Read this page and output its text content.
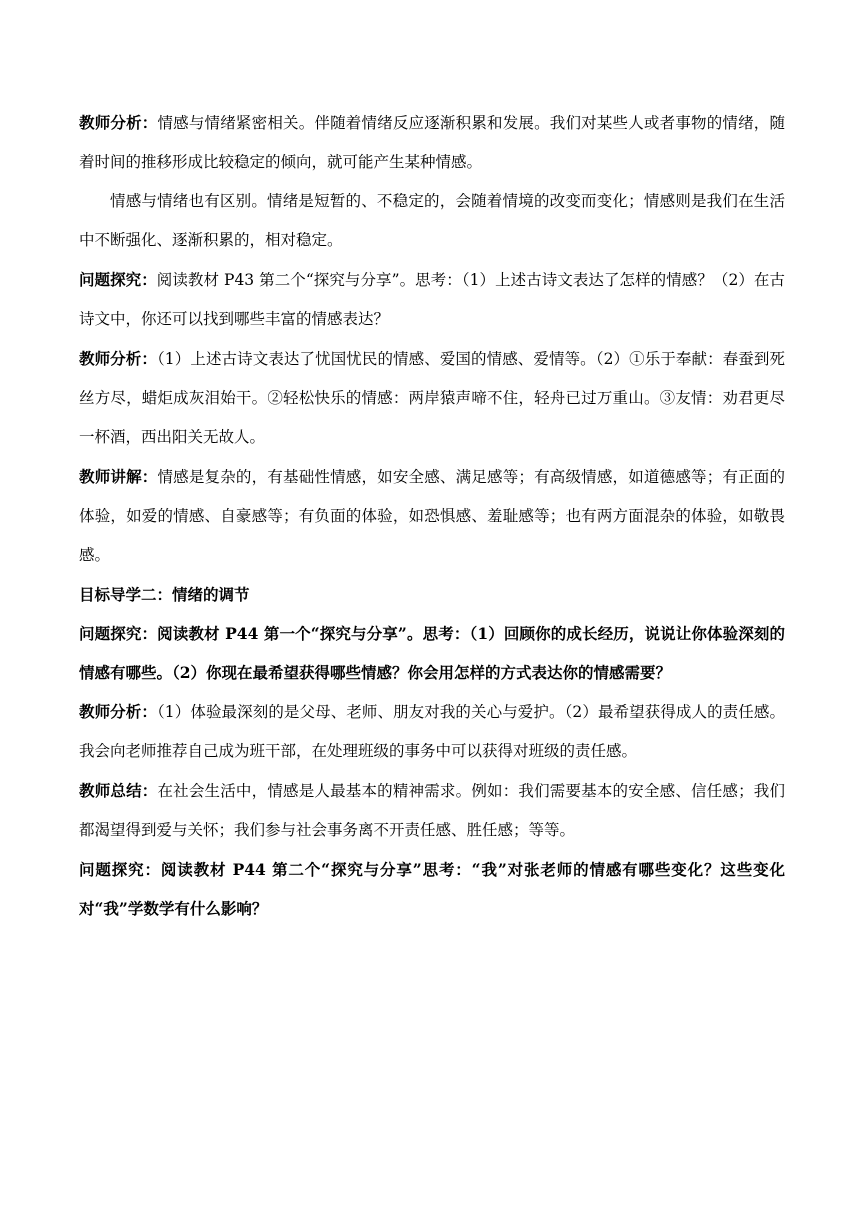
教师分析：情感与情绪紧密相关。伴随着情绪反应逐渐积累和发展。我们对某些人或者事物的情绪，随着时间的推移形成比较稳定的倾向，就可能产生某种情感。

情感与情绪也有区别。情绪是短暂的、不稳定的，会随着情境的改变而变化；情感则是我们在生活中不断强化、逐渐积累的，相对稳定。

问题探究：阅读教材 P43 第二个“探究与分享”。思考：（1）上述古诗文表达了怎样的情感？（2）在古诗文中，你还可以找到哪些丰富的情感表达？

教师分析：（1）上述古诗文表达了忧国忧民的情感、爱国的情感、爱情等。（2）①乐于奉献：春蚕到死丝方尽，蜡炬成灰泪始干。②轻松快乐的情感：两岸猿声啼不住，轻舟已过万重山。③友情：劝君更尽一杯酒，西出阳关无故人。

教师讲解：情感是复杂的，有基础性情感，如安全感、满足感等；有高级情感，如道德感等；有正面的体验，如爱的情感、自豪感等；有负面的体验，如恐惧感、羞耻感等；也有两方面混杂的体验，如敬畏感。

目标导学二：情绪的调节

问题探究：阅读教材 P44 第一个“探究与分享”。思考：（1）回顾你的成长经历，说说让你体验深刻的情感有哪些。（2）你现在最希望获得哪些情感？你会用怎样的方式表达你的情感需要？

教师分析：（1）体验最深刻的是父母、老师、朋友对我的关心与爱护。（2）最希望获得成人的责任感。我会向老师推荐自己成为班干部，在处理班级的事务中可以获得对班级的责任感。

教师总结：在社会生活中，情感是人最基本的精神需求。例如：我们需要基本的安全感、信任感；我们都渴望得到爱与关怀；我们参与社会事务离不开责任感、胜任感；等等。

问题探究：阅读教材 P44 第二个“探究与分享”思考：“我”对张老师的情感有哪些变化？这些变化对“我”学数学有什么影响？
